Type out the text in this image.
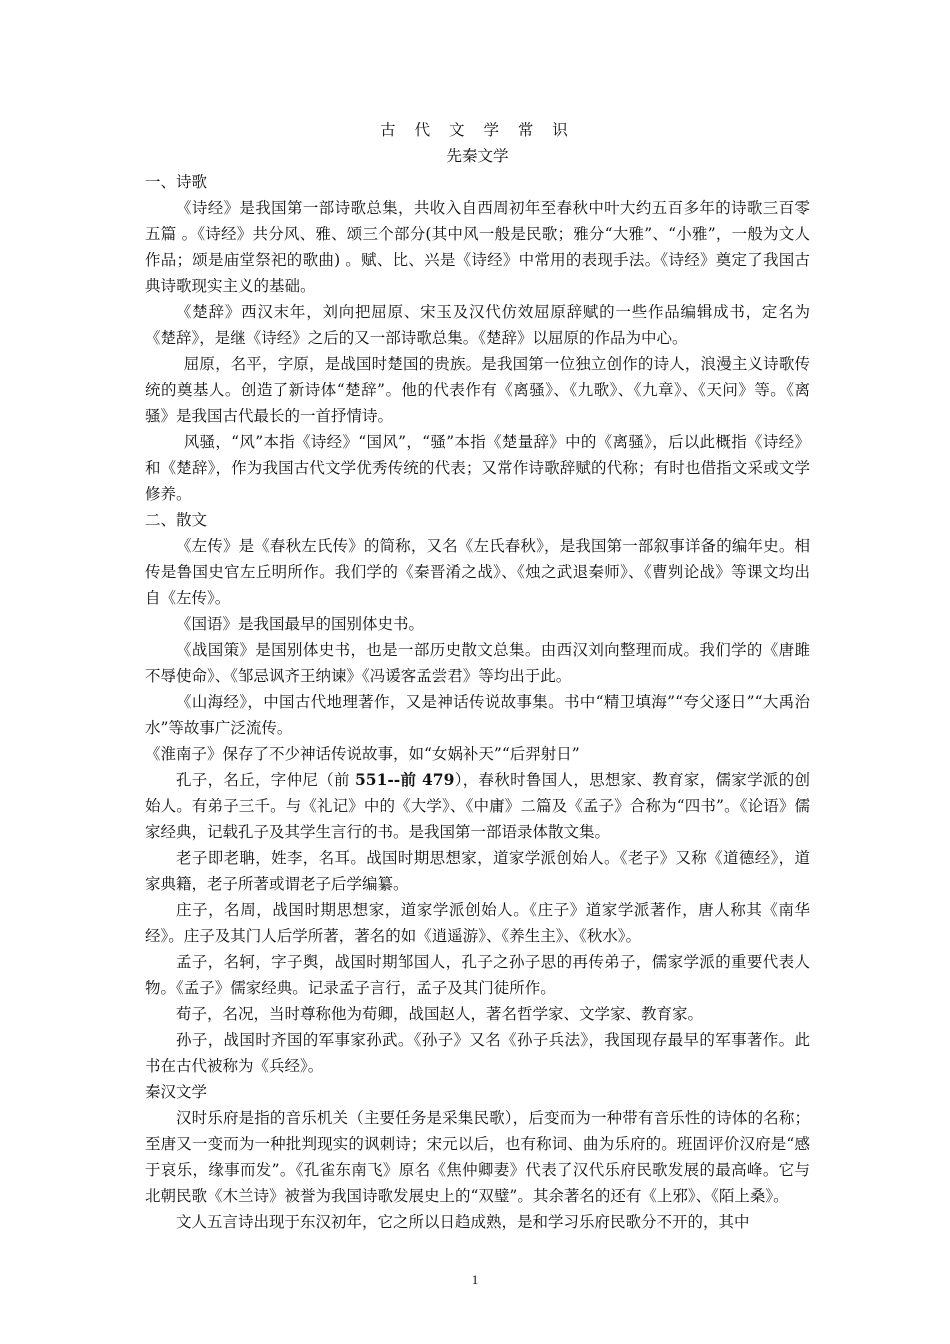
古 代 文 学 常 识
先秦文学
一、诗歌

《诗经》是我国第一部诗歌总集，共收入自西周初年至春秋中叶大约五百多年的诗歌三百零五篇 。《诗经》共分风、雅、颂三个部分(其中风一般是民歌；雅分“大雅”、“小雅”，一般为文人作品；颂是庙堂祭祀的歌曲) 。赋、比、兴是《诗经》中常用的表现手法。《诗经》奠定了我国古典诗歌现实主义的基础。

《楚辞》西汉末年，刘向把屈原、宋玉及汉代仿效屈原辞赋的一些作品编辑成书，定名为《楚辞》，是继《诗经》之后的又一部诗歌总集。《楚辞》以屈原的作品为中心。

屈原，名平，字原，是战国时楚国的贵族。是我国第一位独立创作的诗人，浪漫主义诗歌传统的奠基人。创造了新诗体“楚辞”。他的代表作有《离骚》、《九歌》、《九章》、《天问》等。《离骚》是我国古代最长的一首抒情诗。

风骚，“风”本指《诗经》“国风”，“骚”本指《楚量辞》中的《离骚》，后以此概指《诗经》和《楚辞》，作为我国古代文学优秀传统的代表；又常作诗歌辞赋的代称；有时也借指文采或文学修养。

二、散文

《左传》是《春秋左氏传》的简称，又名《左氏春秋》，是我国第一部叙事详备的编年史。相传是鲁国史官左丘明所作。我们学的《秦晋淆之战》、《烛之武退秦师》、《曹刿论战》等课文均出自《左传》。

《国语》是我国最早的国别体史书。

《战国策》是国别体史书，也是一部历史散文总集。由西汉刘向整理而成。我们学的《唐雎不辱使命》、《邹忌讽齐王纳谏》《冯谖客孟尝君》等均出于此。

《山海经》，中国古代地理著作，又是神话传说故事集。书中“精卫填海”“夸父逐日”“大禹治水”等故事广泛流传。

《淮南子》保存了不少神话传说故事，如“女娲补天”“后羿射日”

孔子，名丘，字仲尼（前 551--前 479），春秋时鲁国人，思想家、教育家，儒家学派的创始人。有弟子三千。与《礼记》中的《大学》、《中庸》二篇及《孟子》合称为“四书”。《论语》儒家经典，记载孔子及其学生言行的书。是我国第一部语录体散文集。

老子即老聃，姓李，名耳。战国时期思想家，道家学派创始人。《老子》又称《道德经》，道家典籍，老子所著或谓老子后学编纂。

庄子，名周，战国时期思想家，道家学派创始人。《庄子》道家学派著作，唐人称其《南华经》。庄子及其门人后学所著，著名的如《逍遥游》、《养生主》、《秋水》。

孟子，名轲，字子舆，战国时期邹国人，孔子之孙子思的再传弟子，儒家学派的重要代表人物。《孟子》儒家经典。记录孟子言行，孟子及其门徒所作。

荀子，名况，当时尊称他为荀卿，战国赵人，著名哲学家、文学家、教育家。

孙子，战国时齐国的军事家孙武。《孙子》又名《孙子兵法》，我国现存最早的军事著作。此书在古代被称为《兵经》。

秦汉文学

汉时乐府是指的音乐机关（主要任务是采集民歌），后变而为一种带有音乐性的诗体的名称；至唐又一变而为一种批判现实的讽刺诗；宋元以后，也有称词、曲为乐府的。班固评价汉府是“感于哀乐，缘事而发”。《孔雀东南飞》原名《焦仲卿妻》代表了汉代乐府民歌发展的最高峰。它与北朝民歌《木兰诗》被誉为我国诗歌发展史上的“双璧”。其余著名的还有《上邪》、《陌上桑》。

文人五言诗出现于东汉初年，它之所以日趋成熟，是和学习乐府民歌分不开的，其中

1
